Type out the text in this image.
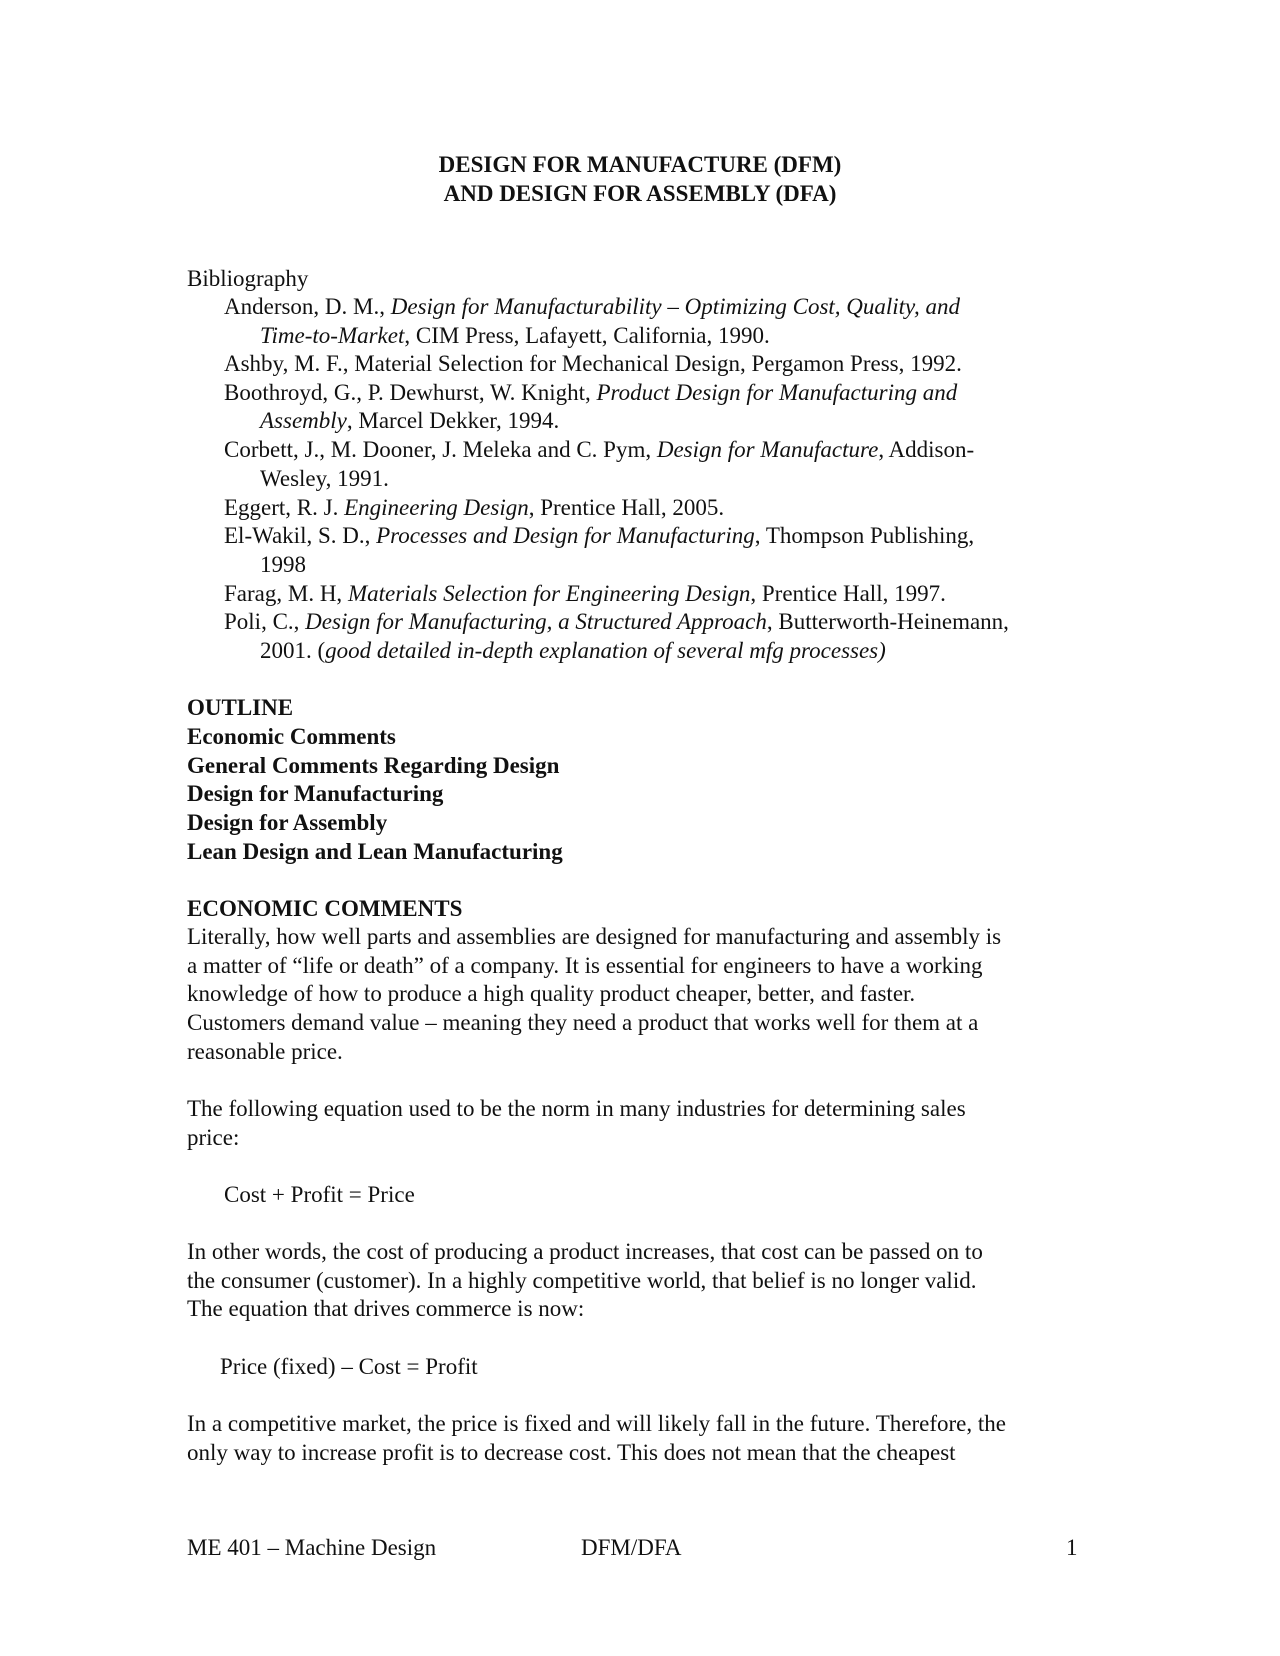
DESIGN FOR MANUFACTURE (DFM)
AND DESIGN FOR ASSEMBLY (DFA)
Bibliography
Anderson, D. M., Design for Manufacturability – Optimizing Cost, Quality, and
Time-to-Market, CIM Press, Lafayett, California, 1990.
Ashby, M. F., Material Selection for Mechanical Design, Pergamon Press, 1992.
Boothroyd, G., P. Dewhurst, W. Knight, Product Design for Manufacturing and
Assembly, Marcel Dekker, 1994.
Corbett, J., M. Dooner, J. Meleka and C. Pym, Design for Manufacture, Addison-
Wesley, 1991.
Eggert, R. J. Engineering Design, Prentice Hall, 2005.
El-Wakil, S. D., Processes and Design for Manufacturing, Thompson Publishing,
1998
Farag, M. H, Materials Selection for Engineering Design, Prentice Hall, 1997.
Poli, C., Design for Manufacturing, a Structured Approach, Butterworth-Heinemann,
2001. (good detailed in-depth explanation of several mfg processes)
OUTLINE
Economic Comments
General Comments Regarding Design
Design for Manufacturing
Design for Assembly
Lean Design and Lean Manufacturing
ECONOMIC COMMENTS
Literally, how well parts and assemblies are designed for manufacturing and assembly is
a matter of “life or death” of a company. It is essential for engineers to have a working
knowledge of how to produce a high quality product cheaper, better, and faster.
Customers demand value – meaning they need a product that works well for them at a
reasonable price.
The following equation used to be the norm in many industries for determining sales
price:
Cost + Profit = Price
In other words, the cost of producing a product increases, that cost can be passed on to
the consumer (customer). In a highly competitive world, that belief is no longer valid.
The equation that drives commerce is now:
Price (fixed) – Cost = Profit
In a competitive market, the price is fixed and will likely fall in the future. Therefore, the
only way to increase profit is to decrease cost. This does not mean that the cheapest
ME 401 – Machine Design	DFM/DFA	1
